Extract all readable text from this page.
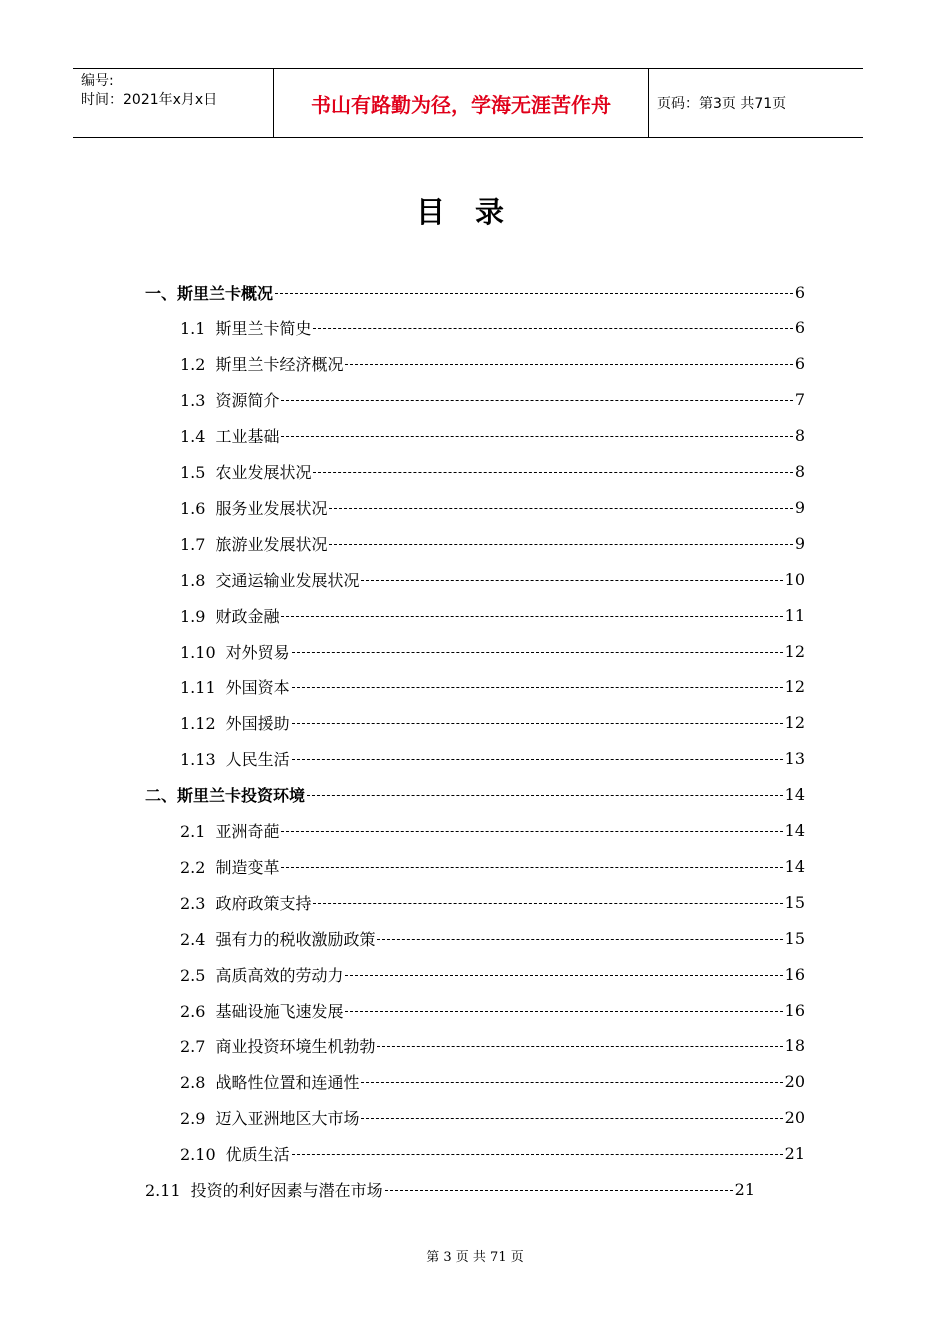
编号:
时间：2021年x月x日	书山有路勤为径，学海无涯苦作舟	页码：第3页 共71页
目录
一、斯里兰卡概况	6
1.1 斯里兰卡简史	6
1.2 斯里兰卡经济概况	6
1.3 资源简介	7
1.4 工业基础	8
1.5 农业发展状况	8
1.6 服务业发展状况	9
1.7 旅游业发展状况	9
1.8 交通运输业发展状况	10
1.9 财政金融	11
1.10 对外贸易	12
1.11 外国资本	12
1.12 外国援助	12
1.13 人民生活	13
二、斯里兰卡投资环境	14
2.1 亚洲奇葩	14
2.2 制造变革	14
2.3 政府政策支持	15
2.4 强有力的税收激励政策	15
2.5 高质高效的劳动力	16
2.6 基础设施飞速发展	16
2.7 商业投资环境生机勃勃	18
2.8 战略性位置和连通性	20
2.9 迈入亚洲地区大市场	20
2.10 优质生活	21
2.11 投资的利好因素与潜在市场	21
第 3 页 共 71 页
